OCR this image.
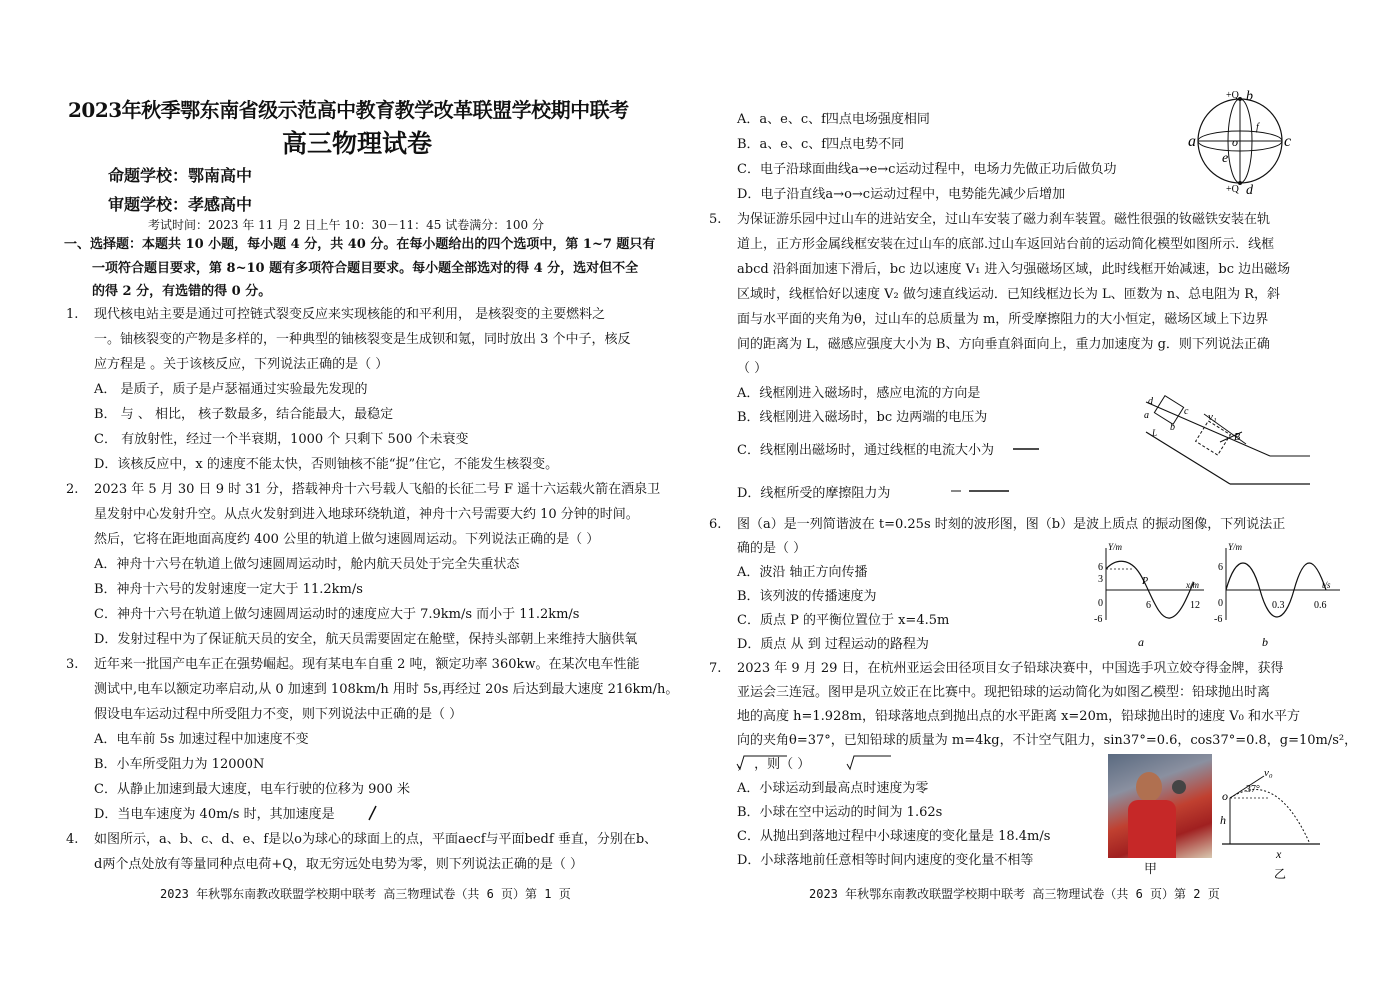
2023年秋季鄂东南省级示范高中教育教学改革联盟学校期中联考
高三物理试卷
命题学校：鄂南高中
审题学校：孝感高中
考试时间：2023 年 11 月 2 日上午 10：30－11：45 试卷满分：100 分
一、选择题：本题共 10 小题，每小题 4 分，共 40 分。在每小题给出的四个选项中，第 1~7 题只有
一项符合题目要求，第 8~10 题有多项符合题目要求。每小题全部选对的得 4 分，选对但不全
的得 2 分，有选错的得 0 分。
1. 现代核电站主要是通过可控链式裂变反应来实现核能的和平利用， 是核裂变的主要燃料之
一。铀核裂变的产物是多样的，一种典型的铀核裂变是生成钡和氪，同时放出 3 个中子，核反
应方程是 。关于该核反应，下列说法正确的是（ ）
A． 是质子，质子是卢瑟福通过实验最先发现的
B． 与 、 相比， 核子数最多，结合能最大，最稳定
C． 有放射性，经过一个半衰期，1000 个 只剩下 500 个未衰变
D．该核反应中，x 的速度不能太快，否则铀核不能“捉”住它，不能发生核裂变。
2. 2023 年 5 月 30 日 9 时 31 分，搭载神舟十六号载人飞船的长征二号 F 遥十六运载火箭在酒泉卫
星发射中心发射升空。从点火发射到进入地球环绕轨道，神舟十六号需要大约 10 分钟的时间。
然后，它将在距地面高度约 400 公里的轨道上做匀速圆周运动。下列说法正确的是（ ）
A．神舟十六号在轨道上做匀速圆周运动时，舱内航天员处于完全失重状态
B．神舟十六号的发射速度一定大于 11.2km/s
C．神舟十六号在轨道上做匀速圆周运动时的速度应大于 7.9km/s 而小于 11.2km/s
D．发射过程中为了保证航天员的安全，航天员需要固定在舱壁，保持头部朝上来维持大脑供氧
3. 近年来一批国产电车正在强势崛起。现有某电车自重 2 吨，额定功率 360kw。在某次电车性能
测试中,电车以额定功率启动,从 0 加速到 108km/h 用时 5s,再经过 20s 后达到最大速度 216km/h。
假设电车运动过程中所受阻力不变，则下列说法中正确的是（ ）
A．电车前 5s 加速过程中加速度不变
B．小车所受阻力为 12000N
C．从静止加速到最大速度，电车行驶的位移为 900 米
D．当电车速度为 40m/s 时，其加速度是
4. 如图所示，a、b、c、d、e、f是以o为球心的球面上的点，平面aecf与平面bedf 垂直，分别在b、
d两个点处放有等量同种点电荷+Q，取无穷远处电势为零，则下列说法正确的是（ ）
2023 年秋鄂东南教改联盟学校期中联考 高三物理试卷（共 6 页）第 1 页
A．a、e、c、f四点电场强度相同
B．a、e、c、f四点电势不同
C．电子沿球面曲线a→e→c运动过程中，电场力先做正功后做负功
D．电子沿直线a→o→c运动过程中，电势能先减少后增加
5. 为保证游乐园中过山车的进站安全，过山车安装了磁力刹车装置。磁性很强的钕磁铁安装在轨
道上，正方形金属线框安装在过山车的底部.过山车返回站台前的运动简化模型如图所示．线框
abcd 沿斜面加速下滑后，bc 边以速度 V₁ 进入匀强磁场区域，此时线框开始减速，bc 边出磁场
区域时，线框恰好以速度 V₂ 做匀速直线运动．已知线框边长为 L、匝数为 n、总电阻为 R，斜
面与水平面的夹角为θ，过山车的总质量为 m，所受摩擦阻力的大小恒定，磁场区域上下边界
间的距离为 L，磁感应强度大小为 B、方向垂直斜面向上，重力加速度为 g．则下列说法正确
（ ）
A．线框刚进入磁场时，感应电流的方向是
B．线框刚进入磁场时，bc 边两端的电压为
C．线框刚出磁场时，通过线框的电流大小为
D．线框所受的摩擦阻力为
6. 图（a）是一列简谐波在 t=0.25s 时刻的波形图，图（b）是波上质点 的振动图像，下列说法正
确的是（ ）
A．波沿 轴正方向传播
B．该列波的传播速度为
C．质点 P 的平衡位置位于 x=4.5m
D．质点 从 到 过程运动的路程为
7. 2023 年 9 月 29 日，在杭州亚运会田径项目女子铅球决赛中，中国选手巩立姣夺得金牌，获得
亚运会三连冠。图甲是巩立姣正在比赛中。现把铅球的运动简化为如图乙模型：铅球抛出时离
地的高度 h=1.928m，铅球落地点到抛出点的水平距离 x=20m，铅球抛出时的速度 V₀ 和水平方
向的夹角θ=37°，已知铅球的质量为 m=4kg，不计空气阻力，sin37°=0.6，cos37°=0.8，g=10m/s²，
， ，则（ ）
A．小球运动到最高点时速度为零
B．小球在空中运动的时间为 1.62s
C．从抛出到落地过程中小球速度的变化量是 18.4m/s
D．小球落地前任意相等时间内速度的变化量不相等
2023 年秋鄂东南教改联盟学校期中联考 高三物理试卷（共 6 页）第 2 页
+Q
+Q
a
b
c
d
e
f
o
d
a
b
c v₁
B
L
Y/m
6
3
0
-6
6	12
x/m
P
a
Y/m
6
0
-6
0.3	0.6
t/s
b
甲
v₀
37°
o
h
x
乙
